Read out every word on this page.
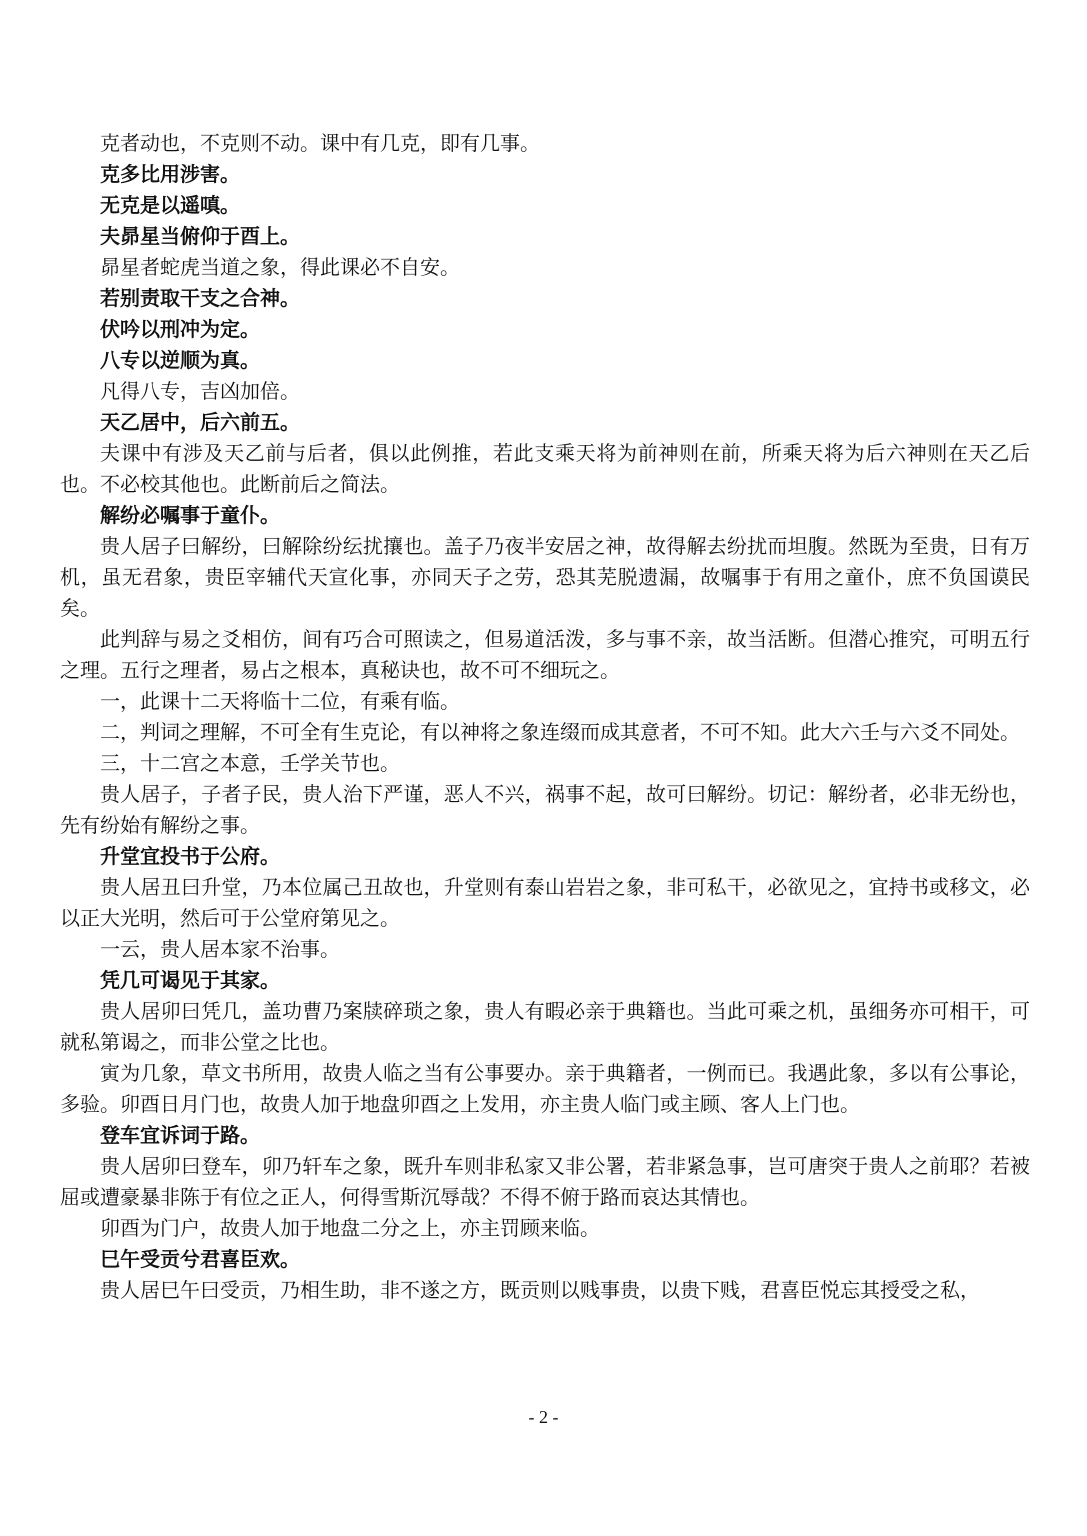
克者动也，不克则不动。课中有几克，即有几事。

克多比用涉害。

无克是以遥嗔。

夫昴星当俯仰于酉上。

昴星者蛇虎当道之象，得此课必不自安。

若别责取干支之合神。

伏吟以刑冲为定。

八专以逆顺为真。

凡得八专，吉凶加倍。

天乙居中，后六前五。

夫课中有涉及天乙前与后者，俱以此例推，若此支乘天将为前神则在前，所乘天将为后六神则在天乙后也。不必校其他也。此断前后之简法。

解纷必嘱事于童仆。

贵人居子曰解纷，曰解除纷纭扰攘也。盖子乃夜半安居之神，故得解去纷扰而坦腹。然既为至贵，日有万机，虽无君象，贵臣宰辅代天宣化事，亦同天子之劳，恐其芜脱遗漏，故嘱事于有用之童仆，庶不负国谟民矣。

此判辞与易之爻相仿，间有巧合可照读之，但易道活泼，多与事不亲，故当活断。但潜心推究，可明五行之理。五行之理者，易占之根本，真秘诀也，故不可不细玩之。

一，此课十二天将临十二位，有乘有临。

二，判词之理解，不可全有生克论，有以神将之象连缀而成其意者，不可不知。此大六壬与六爻不同处。

三，十二宫之本意，壬学关节也。

贵人居子，子者子民，贵人治下严谨，恶人不兴，祸事不起，故可曰解纷。切记：解纷者，必非无纷也，先有纷始有解纷之事。

升堂宜投书于公府。

贵人居丑曰升堂，乃本位属己丑故也，升堂则有泰山岩岩之象，非可私干，必欲见之，宜持书或移文，必以正大光明，然后可于公堂府第见之。

一云，贵人居本家不治事。

凭几可谒见于其家。

贵人居卯曰凭几，盖功曹乃案牍碎琐之象，贵人有暇必亲于典籍也。当此可乘之机，虽细务亦可相干，可就私第谒之，而非公堂之比也。

寅为几象，草文书所用，故贵人临之当有公事要办。亲于典籍者，一例而已。我遇此象，多以有公事论，多验。卯酉日月门也，故贵人加于地盘卯酉之上发用，亦主贵人临门或主顾、客人上门也。

登车宜诉词于路。

贵人居卯曰登车，卯乃轩车之象，既升车则非私家又非公署，若非紧急事，岂可唐突于贵人之前耶？若被屈或遭豪暴非陈于有位之正人，何得雪斯沉辱哉？不得不俯于路而哀达其情也。

卯酉为门户，故贵人加于地盘二分之上，亦主罚顾来临。

巳午受贡兮君喜臣欢。

贵人居巳午曰受贡，乃相生助，非不遂之方，既贡则以贱事贵，以贵下贱，君喜臣悦忘其授受之私，

- 2 -
